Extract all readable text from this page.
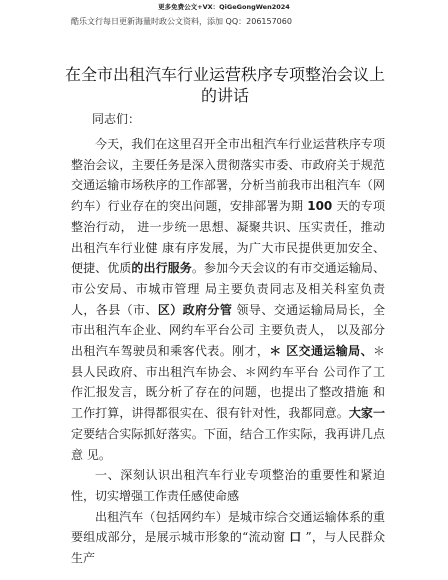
更多免费公文+VX：QiGeGongWen2024
酷乐文行每日更新海量时政公文资料，添加 QQ：206157060
在全市出租汽车行业运营秩序专项整治会议上的讲话
同志们：

今天，我们在这里召开全市出租汽车行业运营秩序专项整治会议，主要任务是深入贯彻落实市委、市政府关于规范交通运输市场秩序的工作部署，分析当前我市出租汽车（网约车）行业存在的突出问题，安排部署为期 100 天的专项整治行动， 进一步统一思想、凝聚共识、压实责任，推动出租汽车行业健 康有序发展，为广大市民提供更加安全、便捷、优质的出行服务。参加今天会议的有市交通运输局、市公安局、市城市管理 局主要负责同志及相关科室负责人，各县（市、区）政府分管 领导、交通运输局局长，全市出租汽车企业、网约车平台公司 主要负责人， 以及部分出租汽车驾驶员和乘客代表。刚才，＊ 区交通运输局、＊县人民政府、市出租汽车协会、＊网约车平台 公司作了工作汇报发言，既分析了存在的问题，也提出了整改措施 和工作打算，讲得都很实在、很有针对性，我都同意。大家一 定要结合实际抓好落实。下面，结合工作实际，我再讲几点意 见。

一、深刻认识出租汽车行业专项整治的重要性和紧迫性，切实增强工作责任感使命感

出租汽车（包括网约车）是城市综合交通运输体系的重要组成部分，是展示城市形象的“流动窗 口 ”，与人民群众生产
